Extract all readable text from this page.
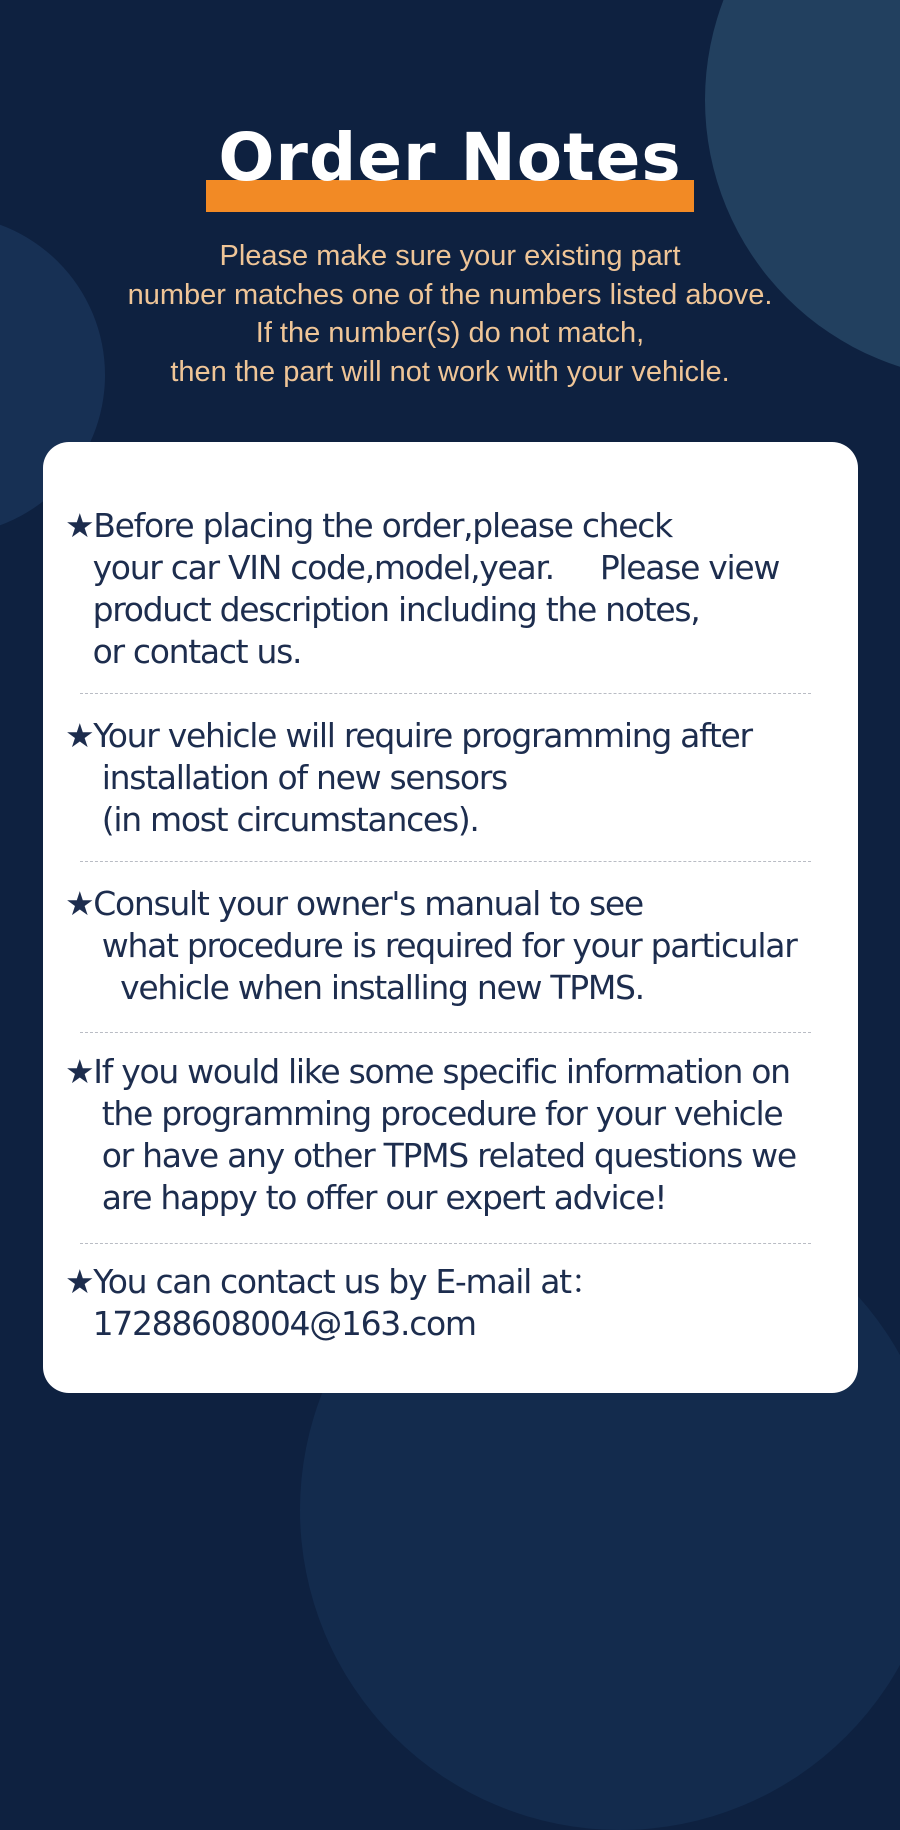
Order Notes
Please make sure your existing part
number matches one of the numbers listed above.
If the number(s) do not match,
then the part will not work with your vehicle.
★Before placing the order,please check
your car VIN code,model,year.     Please view
product description including the notes,
or contact us.
★Your vehicle will require programming after
installation of new sensors
(in most circumstances).
★Consult your owner's manual to see
what procedure is required for your particular
vehicle when installing new TPMS.
★If you would like some specific information on
the programming procedure for your vehicle
or have any other TPMS related questions we
are happy to offer our expert advice!
★You can contact us by E-mail at：
17288608004@163.com
